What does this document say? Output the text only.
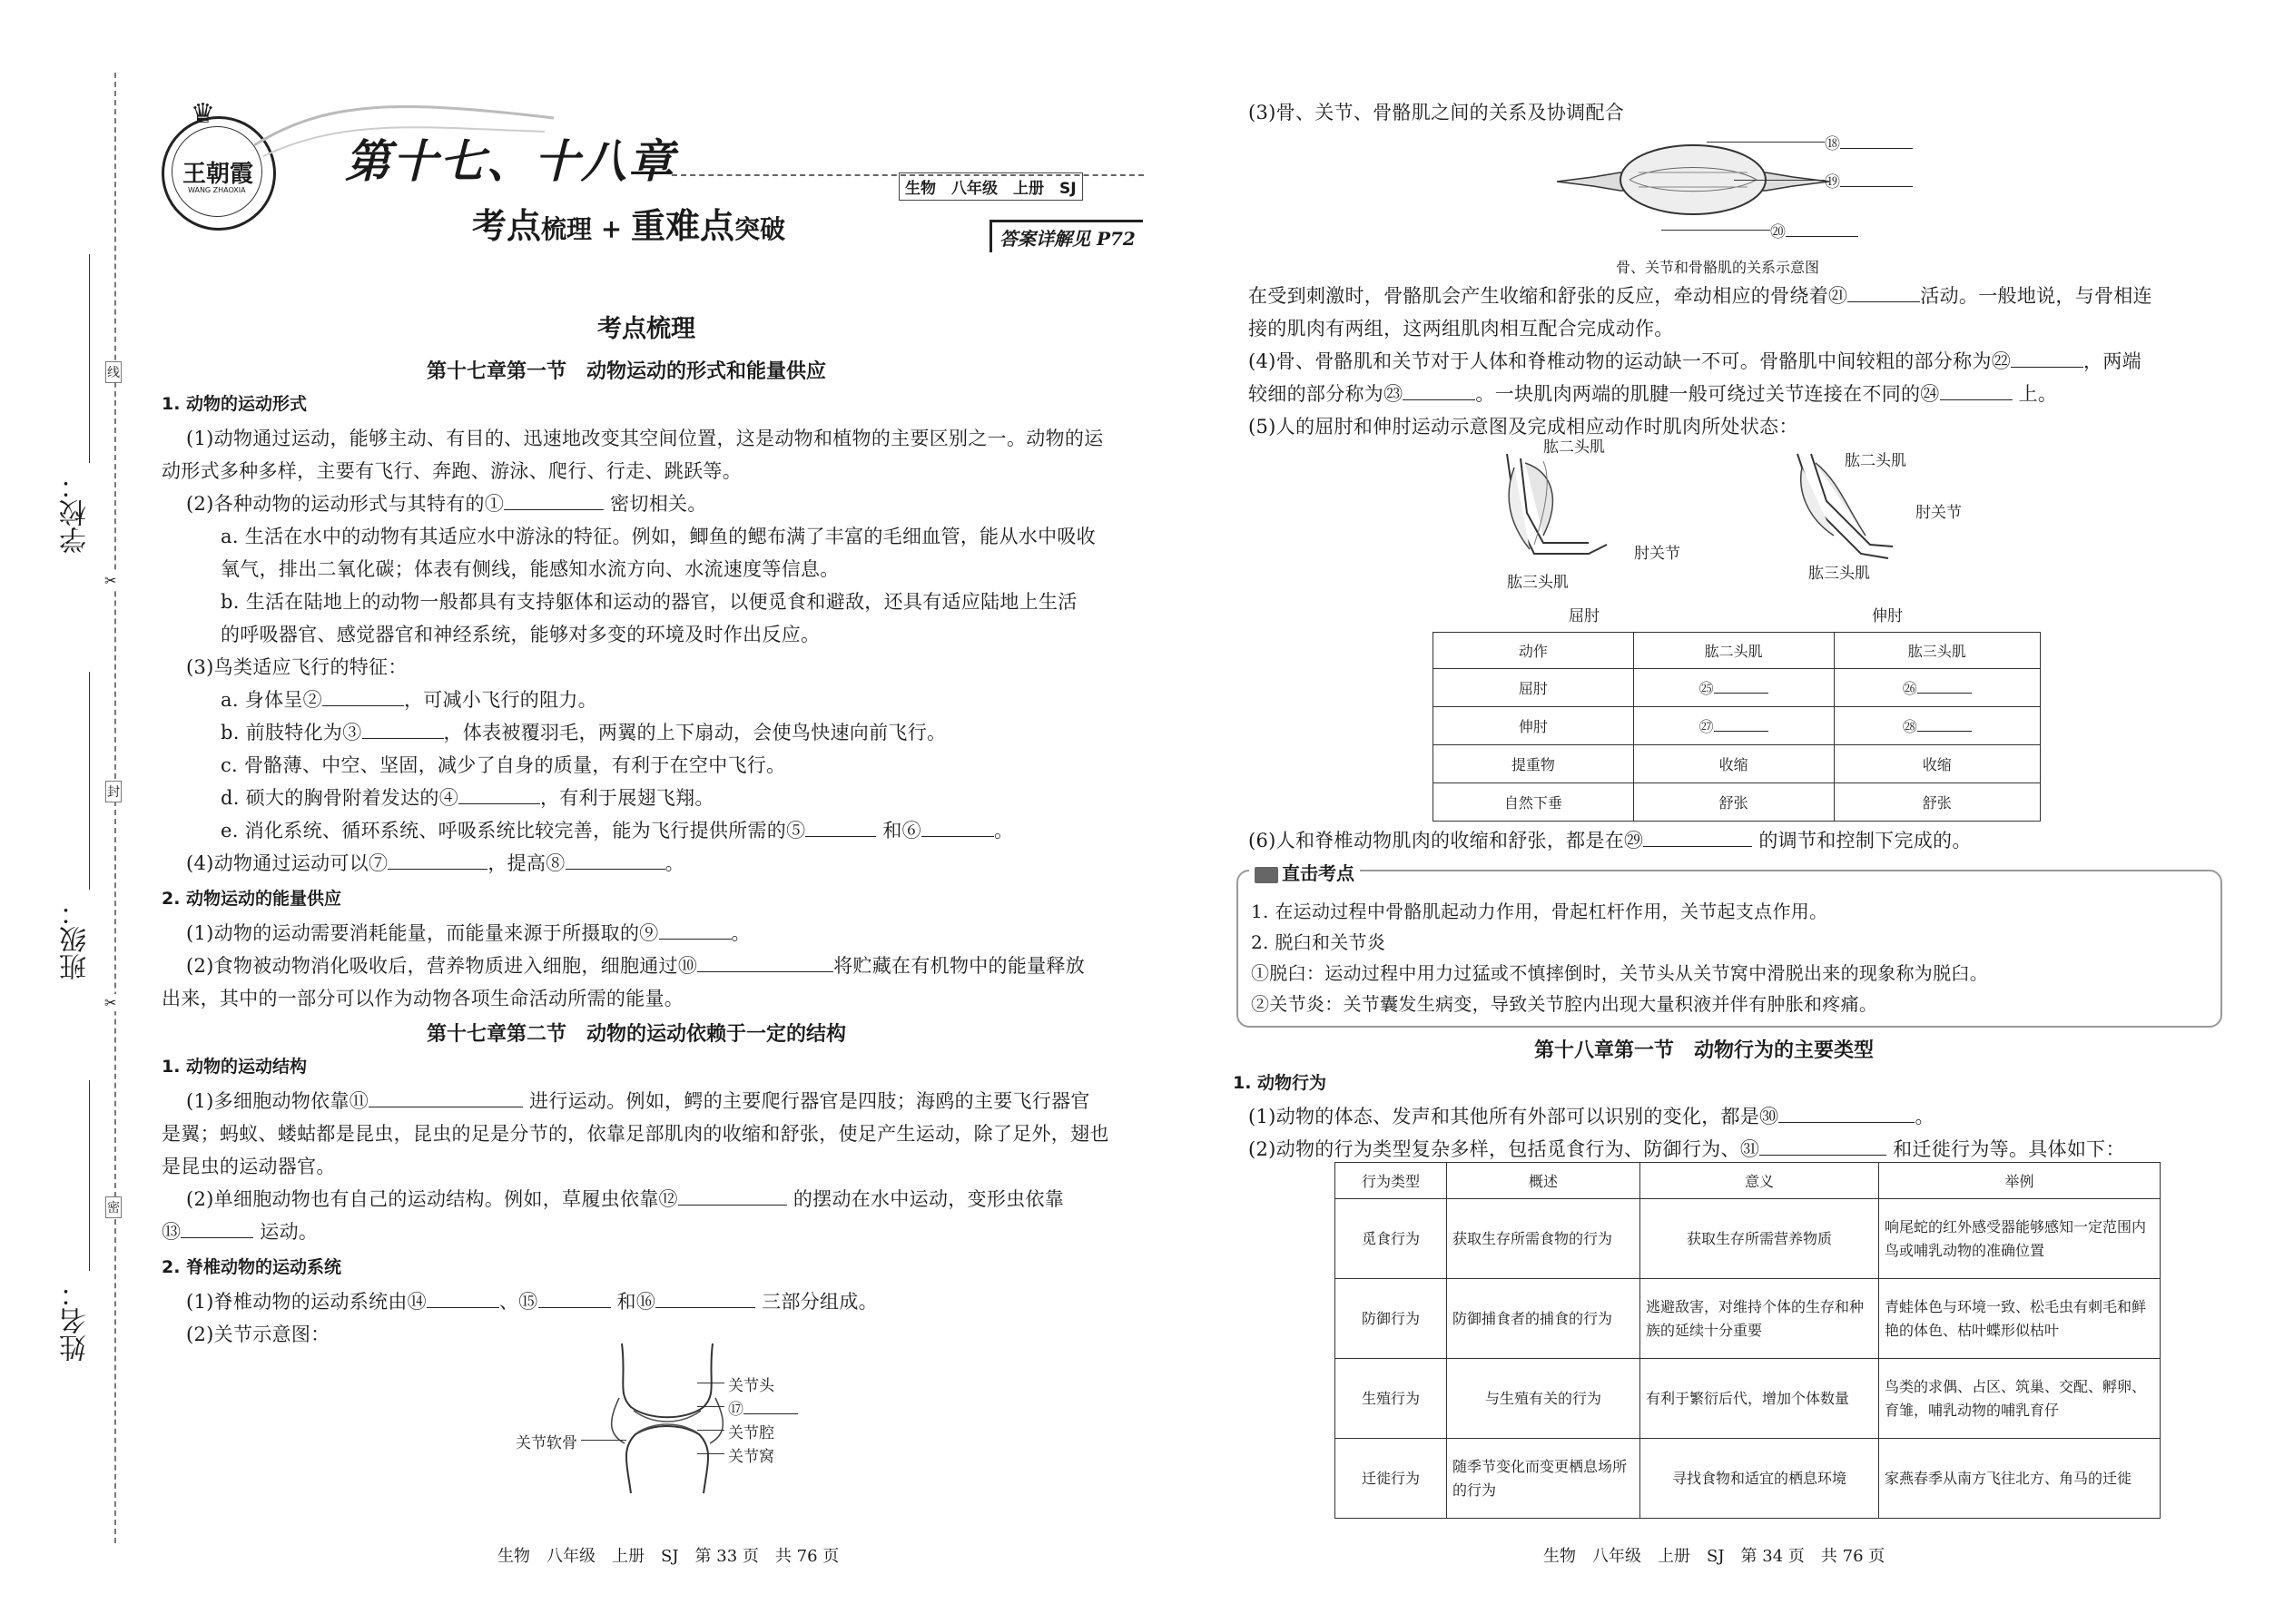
学校：
班级：
姓名：
线
封
密
✂
✂
王朝霞
WANG ZHAOXIA
♛
第十七、十八章
考点梳理 + 重难点突破
生物　八年级　上册　SJ
答案详解见 P72
考点梳理
第十七章第一节　动物运动的形式和能量供应
1. 动物的运动形式
(1)动物通过运动，能够主动、有目的、迅速地改变其空间位置，这是动物和植物的主要区别之一。动物的运
动形式多种多样，主要有飞行、奔跑、游泳、爬行、行走、跳跃等。
(2)各种动物的运动形式与其特有的①	密切相关。
a. 生活在水中的动物有其适应水中游泳的特征。例如，鲫鱼的鳃布满了丰富的毛细血管，能从水中吸收
氧气，排出二氧化碳；体表有侧线，能感知水流方向、水流速度等信息。
b. 生活在陆地上的动物一般都具有支持躯体和运动的器官，以便觅食和避敌，还具有适应陆地上生活
的呼吸器官、感觉器官和神经系统，能够对多变的环境及时作出反应。
(3)鸟类适应飞行的特征：
a. 身体呈②	，可减小飞行的阻力。
b. 前肢特化为③	，体表被覆羽毛，两翼的上下扇动，会使鸟快速向前飞行。
c. 骨骼薄、中空、坚固，减少了自身的质量，有利于在空中飞行。
d. 硕大的胸骨附着发达的④	，有利于展翅飞翔。
e. 消化系统、循环系统、呼吸系统比较完善，能为飞行提供所需的⑤	和⑥	。
(4)动物通过运动可以⑦	，提高⑧	。
2. 动物运动的能量供应
(1)动物的运动需要消耗能量，而能量来源于所摄取的⑨	。
(2)食物被动物消化吸收后，营养物质进入细胞，细胞通过⑩	将贮藏在有机物中的能量释放
出来，其中的一部分可以作为动物各项生命活动所需的能量。
第十七章第二节　动物的运动依赖于一定的结构
1. 动物的运动结构
(1)多细胞动物依靠⑪	进行运动。例如，鳄的主要爬行器官是四肢；海鸥的主要飞行器官
是翼；蚂蚁、蝼蛄都是昆虫，昆虫的足是分节的，依靠足部肌肉的收缩和舒张，使足产生运动，除了足外，翅也
是昆虫的运动器官。
(2)单细胞动物也有自己的运动结构。例如，草履虫依靠⑫	的摆动在水中运动，变形虫依靠
⑬	运动。
2. 脊椎动物的运动系统
(1)脊椎动物的运动系统由⑭	、⑮	和⑯	三部分组成。
(2)关节示意图：
关节头
⑰
关节腔
关节窝
关节软骨
生物　八年级　上册　SJ　第 33 页　共 76 页
(3)骨、关节、骨骼肌之间的关系及协调配合
⑱
⑲
⑳
骨、关节和骨骼肌的关系示意图
在受到刺激时，骨骼肌会产生收缩和舒张的反应，牵动相应的骨绕着㉑	活动。一般地说，与骨相连
接的肌肉有两组，这两组肌肉相互配合完成动作。
(4)骨、骨骼肌和关节对于人体和脊椎动物的运动缺一不可。骨骼肌中间较粗的部分称为㉒	，两端
较细的部分称为㉓	。一块肌肉两端的肌腱一般可绕过关节连接在不同的㉔	上。
(5)人的屈肘和伸肘运动示意图及完成相应动作时肌肉所处状态：
肱二头肌
肘关节
肱三头肌
屈肘
肱二头肌
肘关节
肱三头肌
伸肘
动作	肱二头肌	肱三头肌
屈肘	㉕	㉖
伸肘	㉗	㉘
提重物	收缩	收缩
自然下垂	舒张	舒张
(6)人和脊椎动物肌肉的收缩和舒张，都是在㉙	的调节和控制下完成的。
直击考点
1. 在运动过程中骨骼肌起动力作用，骨起杠杆作用，关节起支点作用。
2. 脱臼和关节炎
①脱臼：运动过程中用力过猛或不慎摔倒时，关节头从关节窝中滑脱出来的现象称为脱臼。
②关节炎：关节囊发生病变，导致关节腔内出现大量积液并伴有肿胀和疼痛。
第十八章第一节　动物行为的主要类型
1. 动物行为
(1)动物的体态、发声和其他所有外部可以识别的变化，都是㉚	。
(2)动物的行为类型复杂多样，包括觅食行为、防御行为、㉛	和迁徙行为等。具体如下：
行为类型	概述	意义	举例
觅食行为	获取生存所需食物的行为	获取生存所需营养物质	响尾蛇的红外感受器能够感知一定范围内鸟或哺乳动物的准确位置
防御行为	防御捕食者的捕食的行为	逃避敌害，对维持个体的生存和种族的延续十分重要	青蛙体色与环境一致、松毛虫有刺毛和鲜艳的体色、枯叶蝶形似枯叶
生殖行为	与生殖有关的行为	有利于繁衍后代，增加个体数量	鸟类的求偶、占区、筑巢、交配、孵卵、育雏，哺乳动物的哺乳育仔
迁徙行为	随季节变化而变更栖息场所的行为	寻找食物和适宜的栖息环境	家燕春季从南方飞往北方、角马的迁徙
生物　八年级　上册　SJ　第 34 页　共 76 页
